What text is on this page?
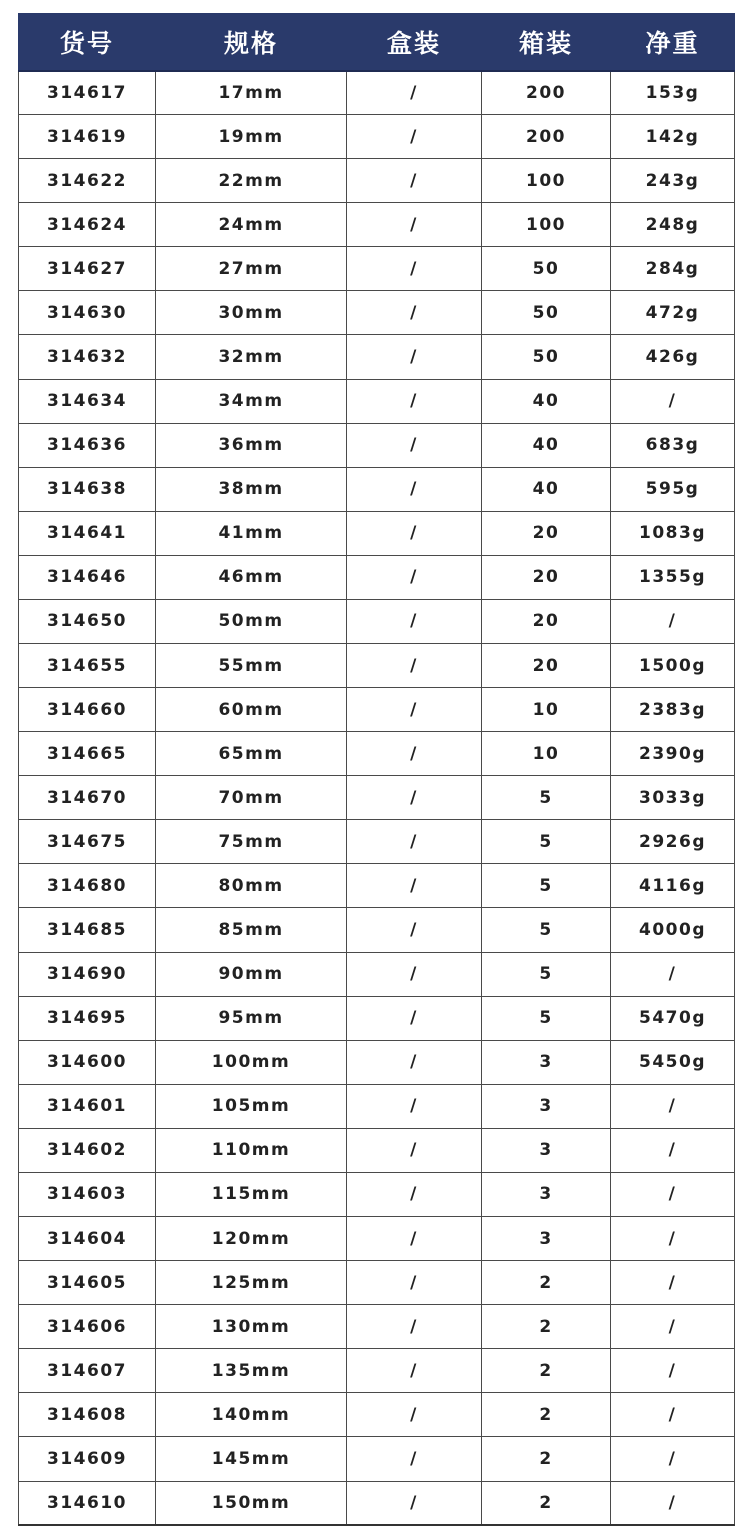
货号	规格	盒装	箱装	净重
314617	17mm	/	200	153g
314619	19mm	/	200	142g
314622	22mm	/	100	243g
314624	24mm	/	100	248g
314627	27mm	/	50	284g
314630	30mm	/	50	472g
314632	32mm	/	50	426g
314634	34mm	/	40	/
314636	36mm	/	40	683g
314638	38mm	/	40	595g
314641	41mm	/	20	1083g
314646	46mm	/	20	1355g
314650	50mm	/	20	/
314655	55mm	/	20	1500g
314660	60mm	/	10	2383g
314665	65mm	/	10	2390g
314670	70mm	/	5	3033g
314675	75mm	/	5	2926g
314680	80mm	/	5	4116g
314685	85mm	/	5	4000g
314690	90mm	/	5	/
314695	95mm	/	5	5470g
314600	100mm	/	3	5450g
314601	105mm	/	3	/
314602	110mm	/	3	/
314603	115mm	/	3	/
314604	120mm	/	3	/
314605	125mm	/	2	/
314606	130mm	/	2	/
314607	135mm	/	2	/
314608	140mm	/	2	/
314609	145mm	/	2	/
314610	150mm	/	2	/
